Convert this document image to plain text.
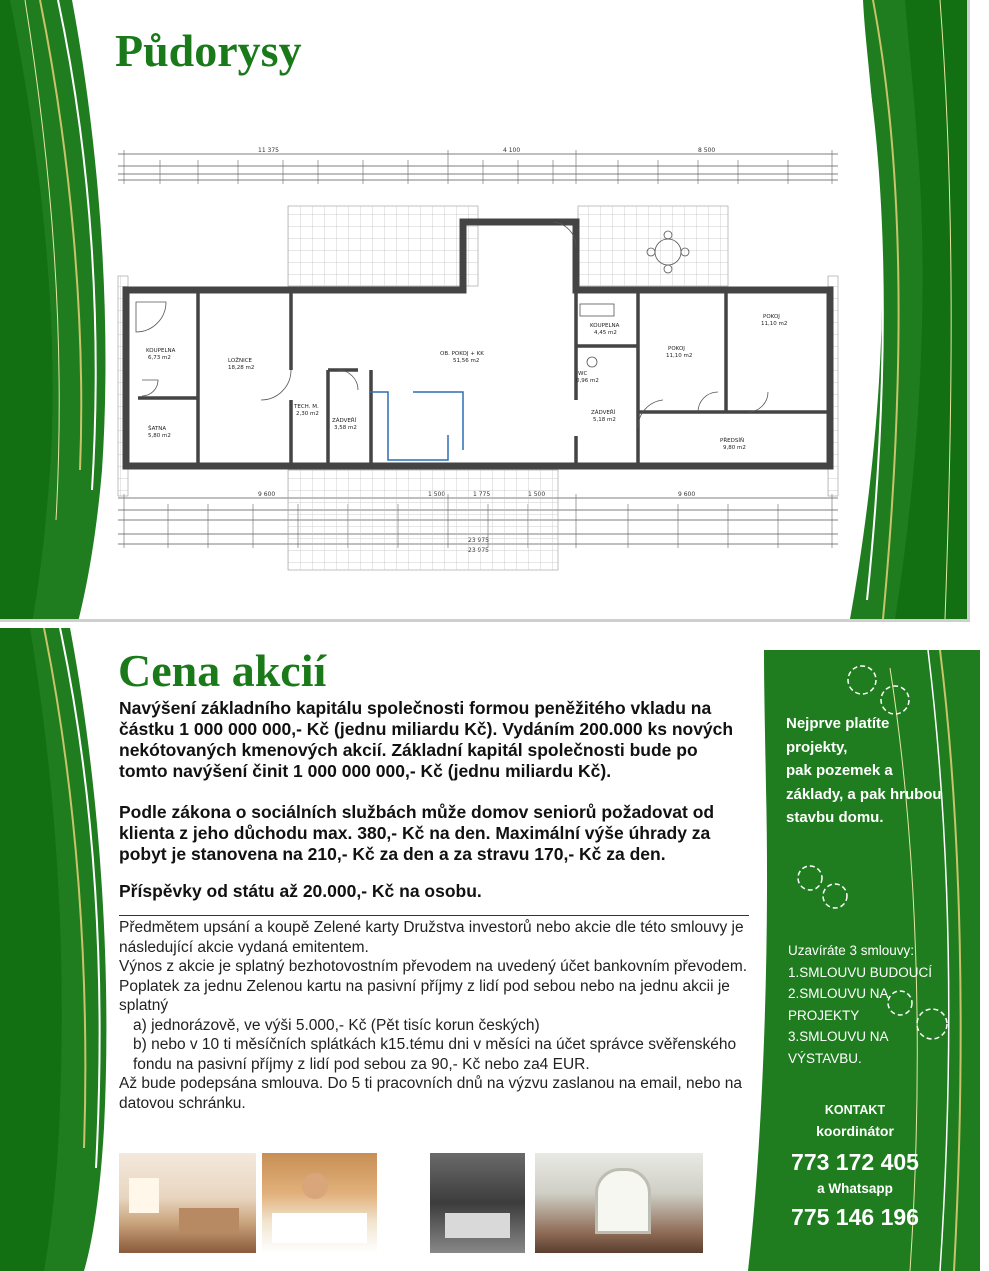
Půdorysy
11 375	4 100	8 500
9 600	9 600
KOUPELNA
6,73 m2	LOŽNICE
18,28 m2
ŠATNA
5,80 m2
TECH. M.
2,30 m2
ZÁDVEŘÍ
3,58 m2
OB. POKOJ + KK
51,56 m2
KOUPELNA
4,45 m2
WC
0,96 m2
ZÁDVEŘÍ
5,18 m2
POKOJ
11,10 m2
POKOJ
11,10 m2
PŘEDSÍŇ
9,80 m2
Cena akcií

Navýšení základního kapitálu společnosti formou peněžitého vkladu na částku 1 000 000 000,- Kč (jednu miliardu Kč). Vydáním 200.000 ks nových nekótovaných kmenových akcií. Základní kapitál společnosti bude po tomto navýšení činit 1 000 000 000,- Kč (jednu miliardu Kč).

Podle zákona o sociálních službách může domov seniorů požadovat od klienta z jeho důchodu max. 380,- Kč na den. Maximální výše úhrady za pobyt je stanovena na 210,- Kč za den a za stravu 170,- Kč za den.

Příspěvky od státu až 20.000,- Kč na osobu.

Předmětem upsání a koupě Zelené karty Družstva investorů nebo akcie dle této smlouvy je následující akcie vydaná emitentem.

Výnos z akcie je splatný bezhotovostním převodem na uvedený účet bankovním převodem.

Poplatek za jednu Zelenou kartu na pasivní příjmy z lidí pod sebou nebo na jednu akcii je splatný

a) jednorázově, ve výši 5.000,- Kč (Pět tisíc korun českých)

b) nebo v 10 ti měsíčních splátkách k15.tému dni v měsíci na účet správce svěřenského fondu na pasivní příjmy z lidí pod sebou za 90,- Kč nebo za4 EUR.

Až bude podepsána smlouva. Do 5 ti pracovních dnů na výzvu zaslanou na email, nebo na datovou schránku.

Nejprve platíte
projekty,
pak pozemek a
základy, a pak hrubou
stavbu domu.
Uzavíráte 3 smlouvy:
1.SMLOUVU BUDOUCÍ
2.SMLOUVU NA
PROJEKTY
3.SMLOUVU NA
VÝSTAVBU.
KONTAKT
koordinátor
773 172 405
a Whatsapp
775 146 196
